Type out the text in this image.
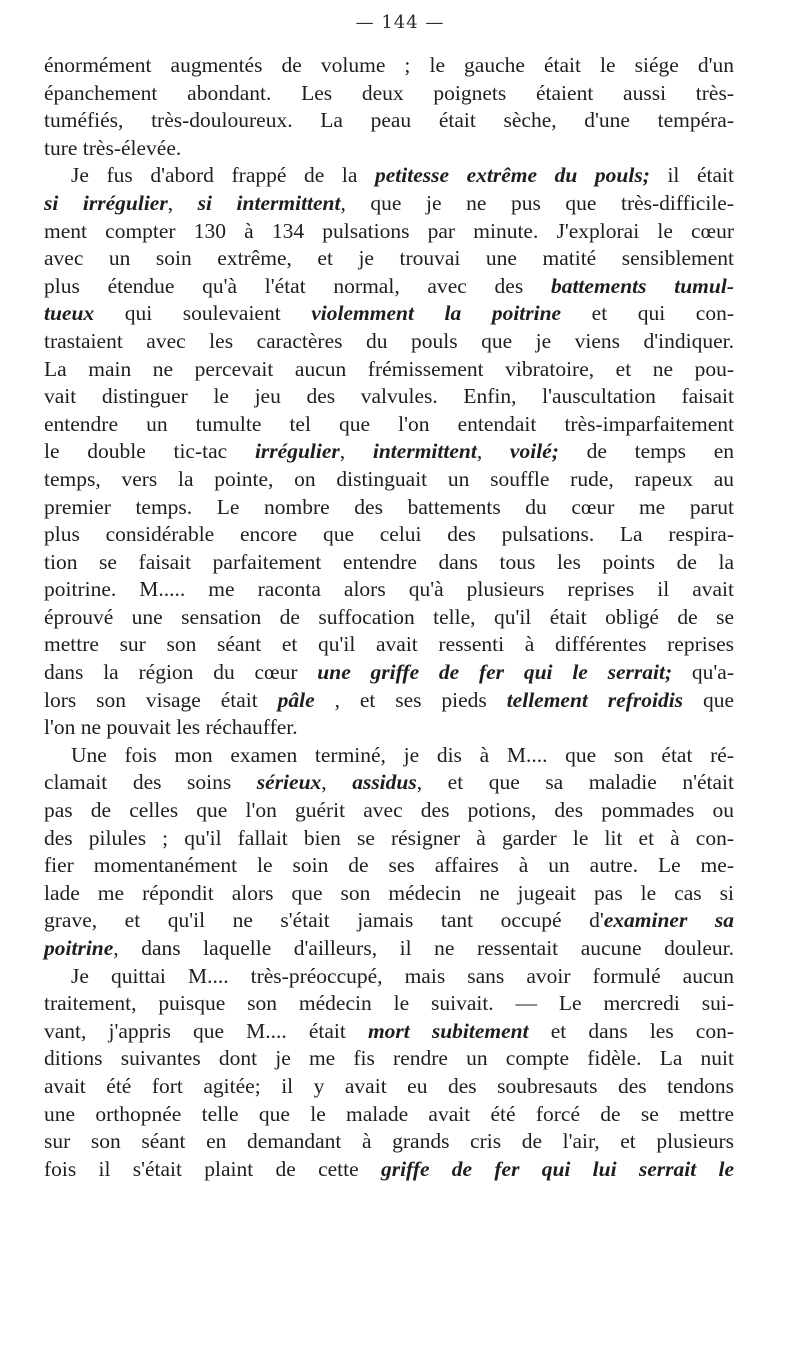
— 144 —
énormément augmentés de volume ; le gauche était le siége d'un
épanchement abondant. Les deux poignets étaient aussi très-
tuméfiés, très-douloureux. La peau était sèche, d'une tempéra-
ture très-élevée.
Je fus d'abord frappé de la petitesse extrême du pouls; il était
si irrégulier, si intermittent, que je ne pus que très-difficile-
ment compter 130 à 134 pulsations par minute. J'explorai le cœur
avec un soin extrême, et je trouvai une matité sensiblement
plus étendue qu'à l'état normal, avec des battements tumul-
tueux qui soulevaient violemment la poitrine et qui con-
trastaient avec les caractères du pouls que je viens d'indiquer.
La main ne percevait aucun frémissement vibratoire, et ne pou-
vait distinguer le jeu des valvules. Enfin, l'auscultation faisait
entendre un tumulte tel que l'on entendait très-imparfaitement
le double tic-tac irrégulier, intermittent, voilé; de temps en
temps, vers la pointe, on distinguait un souffle rude, rapeux au
premier temps. Le nombre des battements du cœur me parut
plus considérable encore que celui des pulsations. La respira-
tion se faisait parfaitement entendre dans tous les points de la
poitrine. M..... me raconta alors qu'à plusieurs reprises il avait
éprouvé une sensation de suffocation telle, qu'il était obligé de se
mettre sur son séant et qu'il avait ressenti à différentes reprises
dans la région du cœur une griffe de fer qui le serrait; qu'a-
lors son visage était pâle , et ses pieds tellement refroidis que
l'on ne pouvait les réchauffer.
Une fois mon examen terminé, je dis à M.... que son état ré-
clamait des soins sérieux, assidus, et que sa maladie n'était
pas de celles que l'on guérit avec des potions, des pommades ou
des pilules ; qu'il fallait bien se résigner à garder le lit et à con-
fier momentanément le soin de ses affaires à un autre. Le me-
lade me répondit alors que son médecin ne jugeait pas le cas si
grave, et qu'il ne s'était jamais tant occupé d'examiner sa
poitrine, dans laquelle d'ailleurs, il ne ressentait aucune douleur.
Je quittai M.... très-préoccupé, mais sans avoir formulé aucun
traitement, puisque son médecin le suivait. — Le mercredi sui-
vant, j'appris que M.... était mort subitement et dans les con-
ditions suivantes dont je me fis rendre un compte fidèle. La nuit
avait été fort agitée; il y avait eu des soubresauts des tendons
une orthopnée telle que le malade avait été forcé de se mettre
sur son séant en demandant à grands cris de l'air, et plusieurs
fois il s'était plaint de cette griffe de fer qui lui serrait le
